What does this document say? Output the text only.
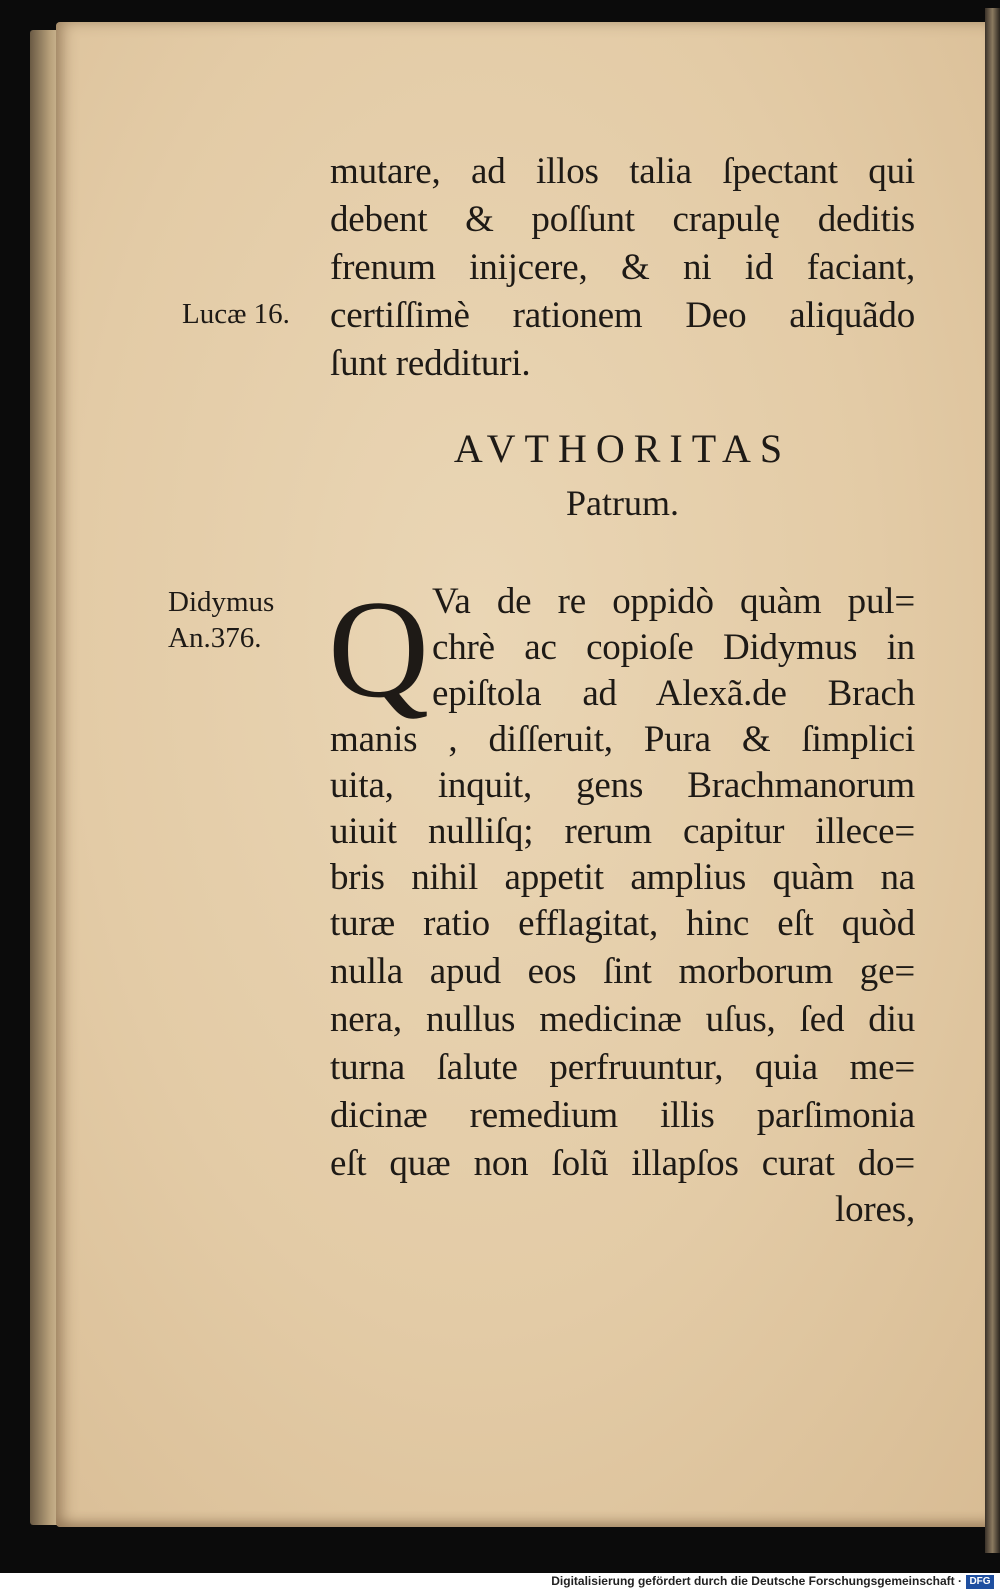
mutare, ad illos talia ſpectant qui
debent & poſſunt crapulę deditis
frenum inijcere, & ni id faciant,
certiſſimè rationem Deo aliquãdo
ſunt reddituri.
Lucæ 16.
AVTHORITAS
Patrum.
Didymus
An.376. Q Va de re oppidò quàm pul=
chrè ac copioſe Didymus in
epiſtola ad Alexã.de Brach
manis , diſſeruit, Pura & ſimplici
uita, inquit, gens Brachmanorum
uiuit nulliſq; rerum capitur illece=
bris nihil appetit amplius quàm na
turæ ratio efflagitat, hinc eſt quòd
nulla apud eos ſint morborum ge=
nera, nullus medicinæ uſus, ſed diu
turna ſalute perfruuntur, quia me=
dicinæ remedium illis parſimonia
eſt quæ non ſolũ illapſos curat do=
lores,
Digitalisierung gefördert durch die Deutsche Forschungsgemeinschaft · DFG
